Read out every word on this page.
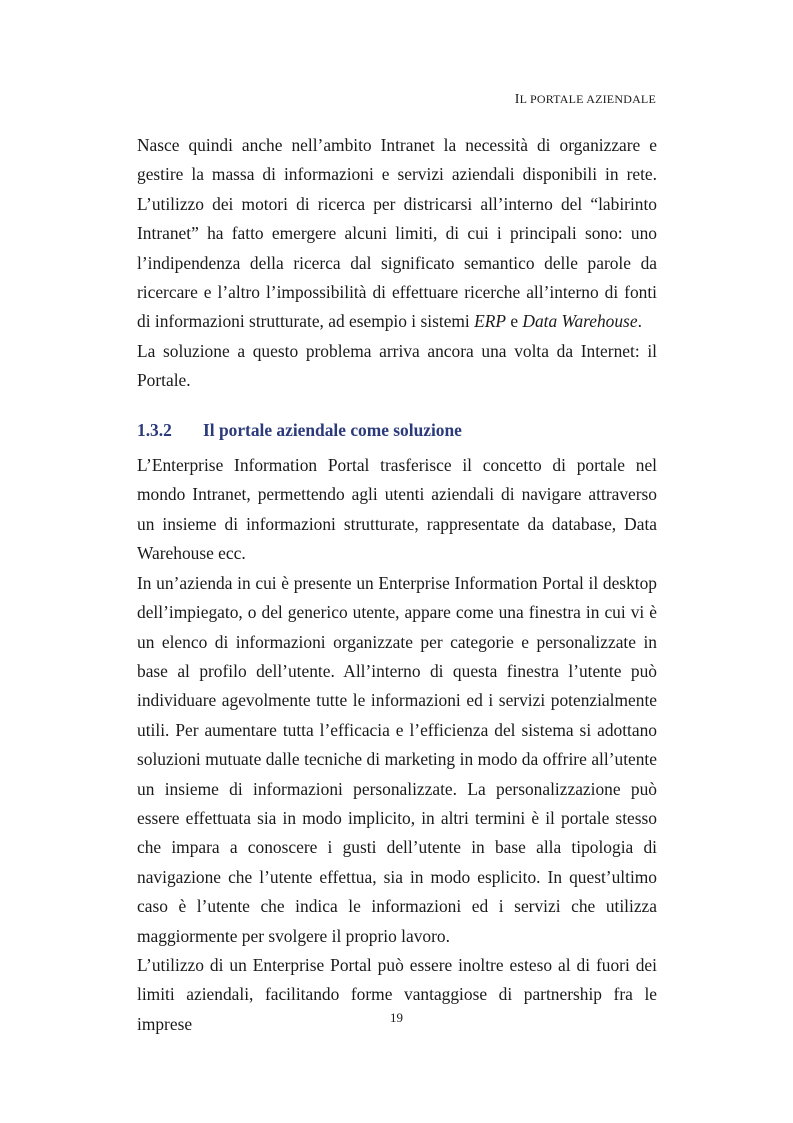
IL PORTALE AZIENDALE

Nasce quindi anche nell’ambito Intranet la necessità di organizzare e gestire la massa di informazioni e servizi aziendali disponibili in rete. L’utilizzo dei motori di ricerca per districarsi all’interno del “labirinto Intranet” ha fatto emergere alcuni limiti, di cui i principali sono: uno l’indipendenza della ricerca dal significato semantico delle parole da ricercare e l’altro l’impossibilità di effettuare ricerche all’interno di fonti di informazioni strutturate, ad esempio i sistemi ERP e Data Warehouse.

La soluzione a questo problema arriva ancora una volta da Internet: il Portale.

1.3.2	Il portale aziendale come soluzione

L’Enterprise Information Portal trasferisce il concetto di portale nel mondo Intranet, permettendo agli utenti aziendali di navigare attraverso un insieme di informazioni strutturate, rappresentate da database, Data Warehouse ecc.

In un’azienda in cui è presente un Enterprise Information Portal il desktop dell’impiegato, o del generico utente, appare come una finestra in cui vi è un elenco di informazioni organizzate per categorie e personalizzate in base al profilo dell’utente. All’interno di questa finestra l’utente può individuare agevolmente tutte le informazioni ed i servizi potenzialmente utili. Per aumentare tutta l’efficacia e l’efficienza del sistema si adottano soluzioni mutuate dalle tecniche di marketing in modo da offrire all’utente un insieme di informazioni personalizzate. La personalizzazione può essere effettuata sia in modo implicito, in altri termini è il portale stesso che impara a conoscere i gusti dell’utente in base alla tipologia di navigazione che l’utente effettua, sia in modo esplicito. In quest’ultimo caso è l’utente che indica le informazioni ed i servizi che utilizza maggiormente per svolgere il proprio lavoro.

L’utilizzo di un Enterprise Portal può essere inoltre esteso al di fuori dei limiti aziendali, facilitando forme vantaggiose di partnership fra le imprese	19
